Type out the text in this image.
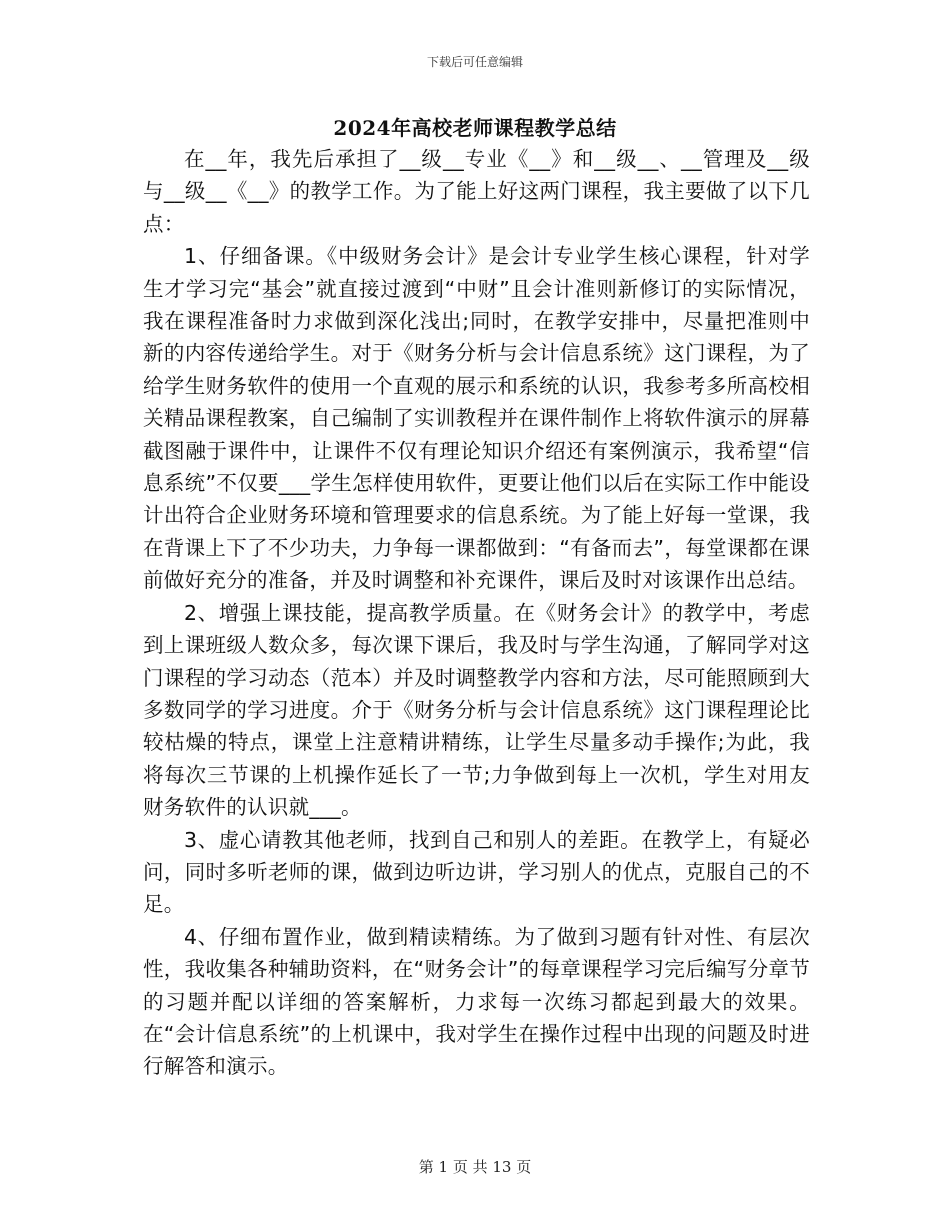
下载后可任意编辑
2024年高校老师课程教学总结

在__年，我先后承担了__级__专业《__》和__级__、__管理及__级与__级__《__》的教学工作。为了能上好这两门课程，我主要做了以下几点：

1、仔细备课。《中级财务会计》是会计专业学生核心课程，针对学生才学习完“基会”就直接过渡到“中财”且会计准则新修订的实际情况，我在课程准备时力求做到深化浅出;同时，在教学安排中，尽量把准则中新的内容传递给学生。对于《财务分析与会计信息系统》这门课程，为了给学生财务软件的使用一个直观的展示和系统的认识，我参考多所高校相关精品课程教案，自己编制了实训教程并在课件制作上将软件演示的屏幕截图融于课件中，让课件不仅有理论知识介绍还有案例演示，我希望“信息系统”不仅要___学生怎样使用软件，更要让他们以后在实际工作中能设计出符合企业财务环境和管理要求的信息系统。为了能上好每一堂课，我在背课上下了不少功夫，力争每一课都做到：“有备而去”，每堂课都在课前做好充分的准备，并及时调整和补充课件，课后及时对该课作出总结。

2、增强上课技能，提高教学质量。在《财务会计》的教学中，考虑到上课班级人数众多，每次课下课后，我及时与学生沟通，了解同学对这门课程的学习动态（范本）并及时调整教学内容和方法，尽可能照顾到大多数同学的学习进度。介于《财务分析与会计信息系统》这门课程理论比较枯燥的特点，课堂上注意精讲精练，让学生尽量多动手操作;为此，我将每次三节课的上机操作延长了一节;力争做到每上一次机，学生对用友财务软件的认识就___。

3、虚心请教其他老师，找到自己和别人的差距。在教学上，有疑必问，同时多听老师的课，做到边听边讲，学习别人的优点，克服自己的不足。

4、仔细布置作业，做到精读精练。为了做到习题有针对性、有层次性，我收集各种辅助资料，在“财务会计”的每章课程学习完后编写分章节的习题并配以详细的答案解析，力求每一次练习都起到最大的效果。在“会计信息系统”的上机课中，我对学生在操作过程中出现的问题及时进行解答和演示。

第 1 页 共 13 页
